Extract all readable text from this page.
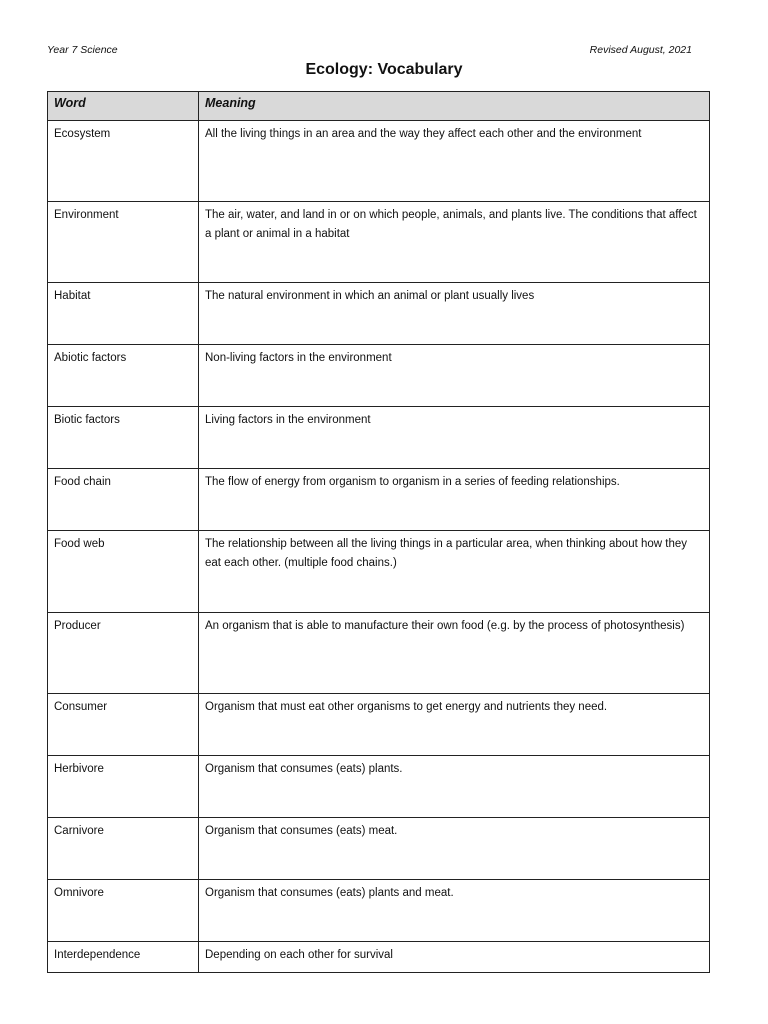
Year 7 Science	Revised August, 2021
Ecology: Vocabulary
Word	Meaning
Ecosystem	All the living things in an area and the way they affect each other and the environment
Environment	The air, water, and land in or on which people, animals, and plants live. The conditions that affect a plant or animal in a habitat
Habitat	The natural environment in which an animal or plant usually lives
Abiotic factors	Non-living factors in the environment
Biotic factors	Living factors in the environment
Food chain	The flow of energy from organism to organism in a series of feeding relationships.
Food web	The relationship between all the living things in a particular area, when thinking about how they eat each other. (multiple food chains.)
Producer	An organism that is able to manufacture their own food (e.g. by the process of photosynthesis)
Consumer	Organism that must eat other organisms to get energy and nutrients they need.
Herbivore	Organism that consumes (eats) plants.
Carnivore	Organism that consumes (eats) meat.
Omnivore	Organism that consumes (eats) plants and meat.
Interdependence	Depending on each other for survival
